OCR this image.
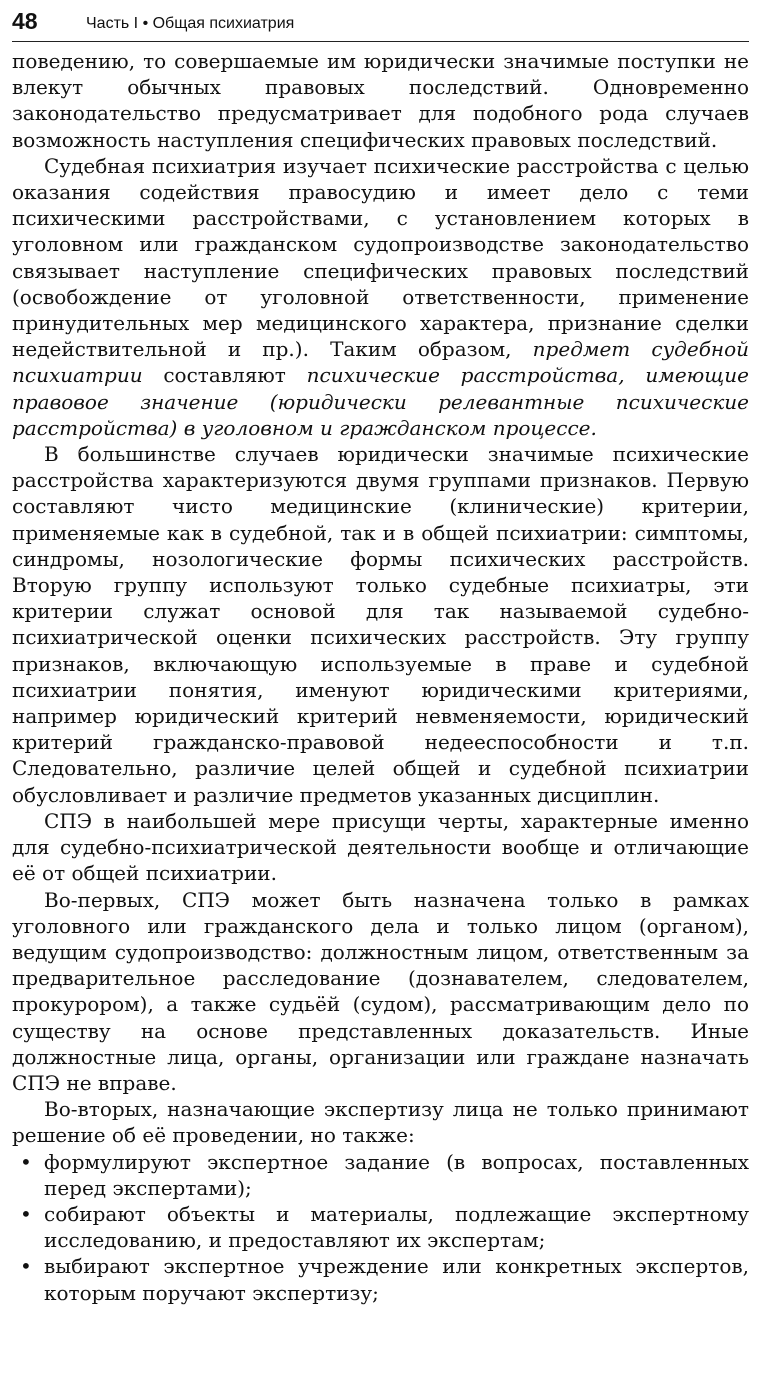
48	Часть I • Общая психиатрия

поведению, то совершаемые им юридически значимые поступки не влекут обычных правовых последствий. Одновременно законодательство предусматривает для подобного рода случаев возможность наступления специфических правовых последствий.

Судебная психиатрия изучает психические расстройства с целью оказания содействия правосудию и имеет дело с теми психическими расстройствами, с установлением которых в уголовном или гражданском судопроизводстве законодательство связывает наступление специфических правовых последствий (освобождение от уголовной ответственности, применение принудительных мер медицинского характера, признание сделки недействительной и пр.). Таким образом, предмет судебной психиатрии составляют психические расстройства, имеющие правовое значение (юридически релевантные психические расстройства) в уголовном и гражданском процессе.

В большинстве случаев юридически значимые психические расстройства характеризуются двумя группами признаков. Первую составляют чисто медицинские (клинические) критерии, применяемые как в судебной, так и в общей психиатрии: симптомы, синдромы, нозологические формы психических расстройств. Вторую группу используют только судебные психиатры, эти критерии служат основой для так называемой судебно-психиатрической оценки психических расстройств. Эту группу признаков, включающую используемые в праве и судебной психиатрии понятия, именуют юридическими критериями, например юридический критерий невменяемости, юридический критерий гражданско-правовой недееспособности и т.п. Следовательно, различие целей общей и судебной психиатрии обусловливает и различие предметов указанных дисциплин.

СПЭ в наибольшей мере присущи черты, характерные именно для судебно-психиатрической деятельности вообще и отличающие её от общей психиатрии.

Во-первых, СПЭ может быть назначена только в рамках уголовного или гражданского дела и только лицом (органом), ведущим судопроизводство: должностным лицом, ответственным за предварительное расследование (дознавателем, следователем, прокурором), а также судьёй (судом), рассматривающим дело по существу на основе представленных доказательств. Иные должностные лица, органы, организации или граждане назначать СПЭ не вправе.

Во-вторых, назначающие экспертизу лица не только принимают решение об её проведении, но также:

• формулируют экспертное задание (в вопросах, поставленных перед экспертами);
• собирают объекты и материалы, подлежащие экспертному исследованию, и предоставляют их экспертам;
• выбирают экспертное учреждение или конкретных экспертов, которым поручают экспертизу;
